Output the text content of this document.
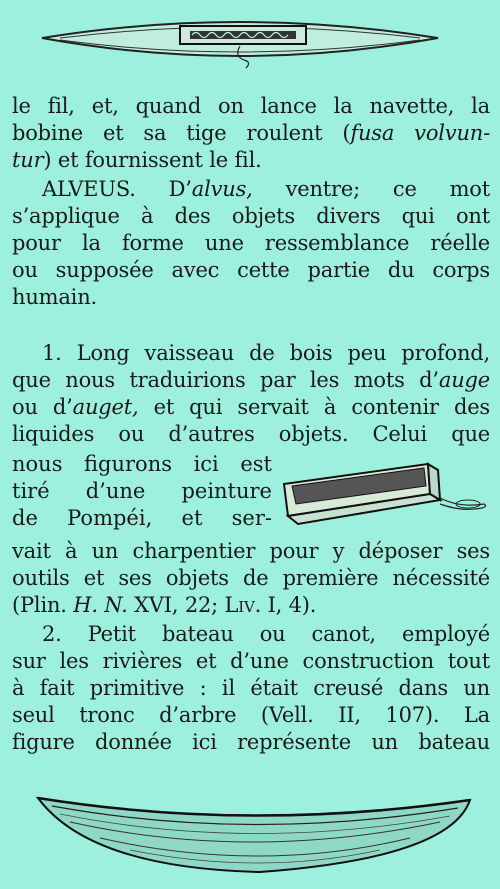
le fil, et, quand on lance la navette, la
bobine et sa tige roulent (fusa volvun-
tur) et fournissent le fil.
ALVEUS. D’alvus, ventre; ce mot
s’applique à des objets divers qui ont
pour la forme une ressemblance réelle
ou supposée avec cette partie du corps
humain.
1. Long vaisseau de bois peu profond,
que nous traduirions par les mots d’auge
ou d’auget, et qui servait à contenir des
liquides ou d’autres objets. Celui que
nous figurons ici est
tiré d’une peinture
de Pompéi, et ser-
vait à un charpentier pour y déposer ses
outils et ses objets de première nécessité
(Plin. H. N. XVI, 22; Liv. I, 4).
2. Petit bateau ou canot, employé
sur les rivières et d’une construction tout
à fait primitive : il était creusé dans un
seul tronc d’arbre (Vell. II, 107). La
figure donnée ici représente un bateau
